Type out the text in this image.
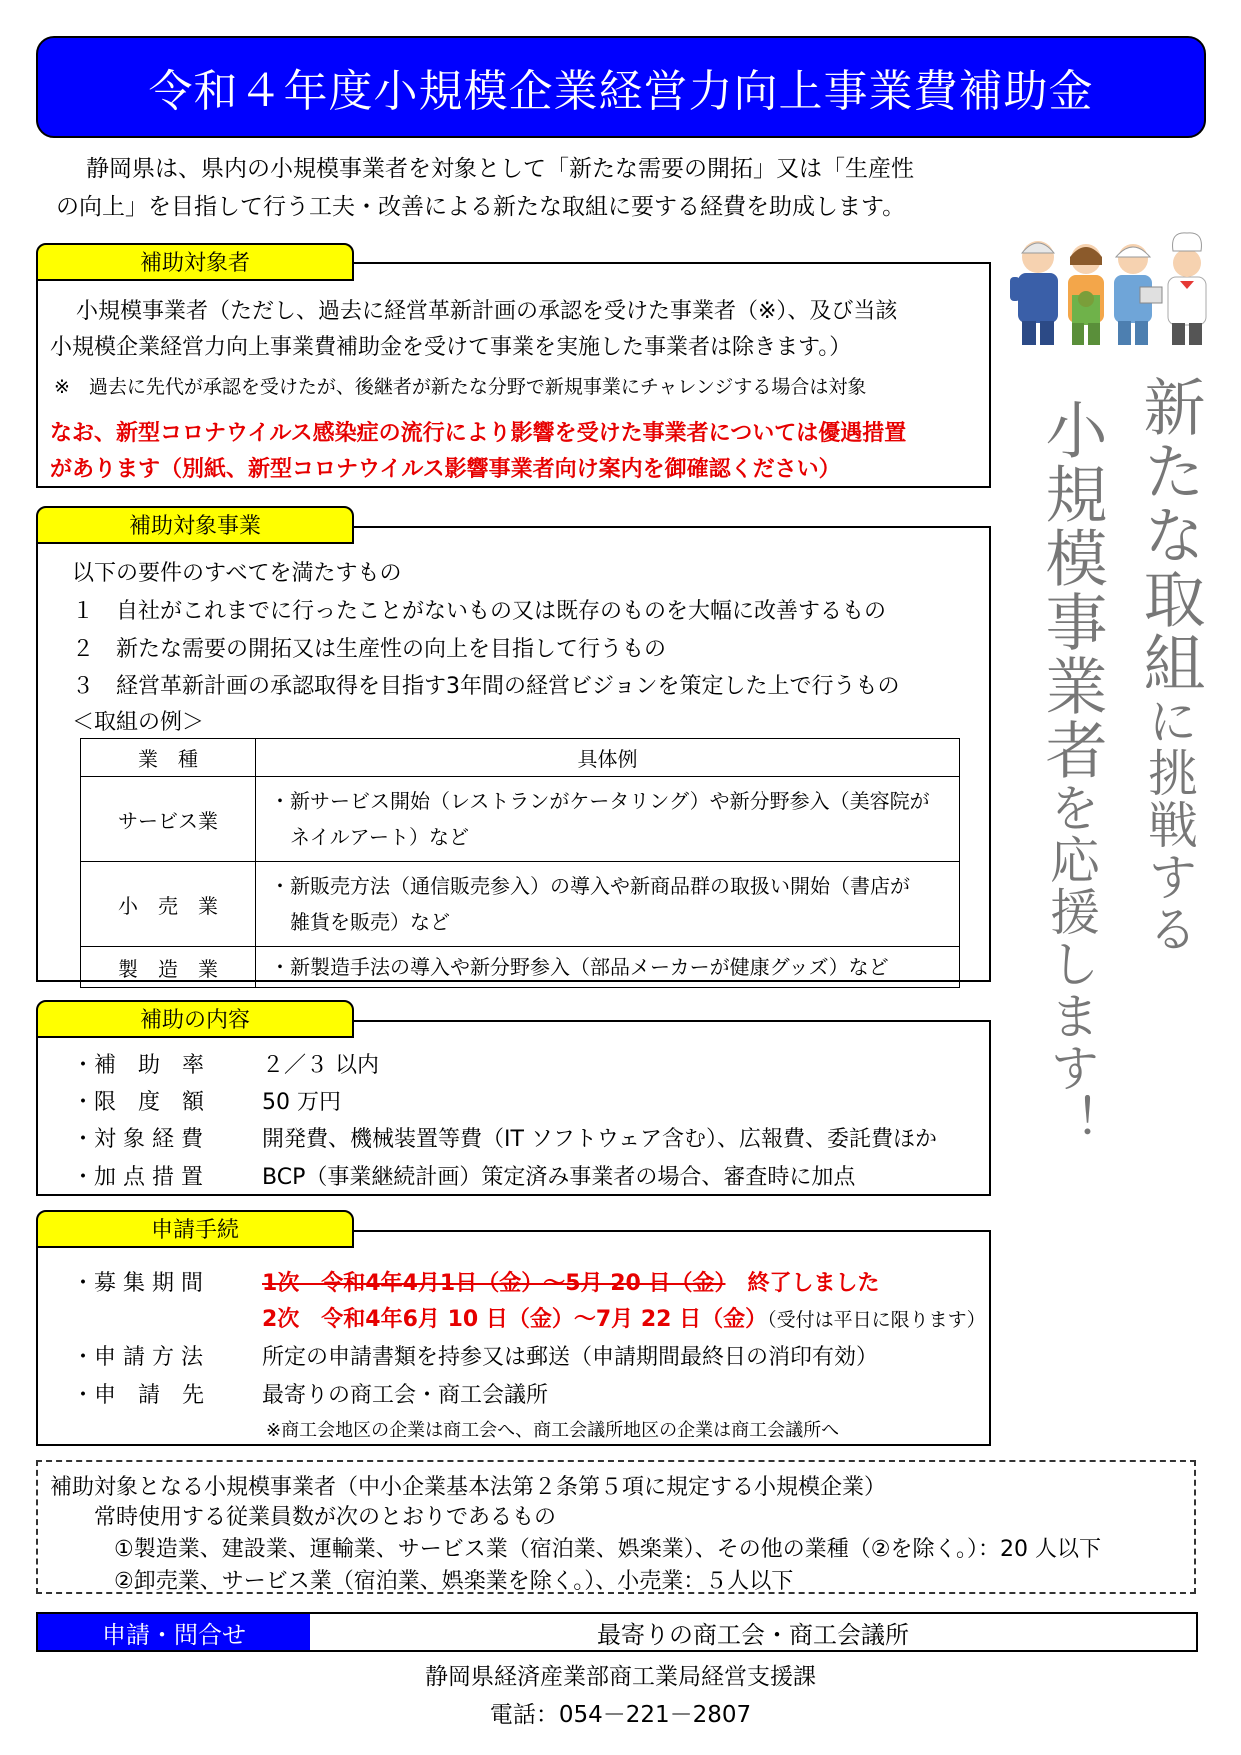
令和４年度小規模企業経営力向上事業費補助金

静岡県は、県内の小規模事業者を対象として「新たな需要の開拓」又は「生産性

の向上」を目指して行う工夫・改善による新たな取組に要する経費を助成します。

新たな取組に挑戦する
小規模事業者を応援します！
補助対象者
小規模事業者（ただし、過去に経営革新計画の承認を受けた事業者（※）、及び当該
小規模企業経営力向上事業費補助金を受けて事業を実施した事業者は除きます。）
※　過去に先代が承認を受けたが、後継者が新たな分野で新規事業にチャレンジする場合は対象
なお、新型コロナウイルス感染症の流行により影響を受けた事業者については優遇措置
があります（別紙、新型コロナウイルス影響事業者向け案内を御確認ください）
補助対象事業
以下の要件のすべてを満たすもの
１　自社がこれまでに行ったことがないもの又は既存のものを大幅に改善するもの
２　新たな需要の開拓又は生産性の向上を目指して行うもの
３　経営革新計画の承認取得を目指す3年間の経営ビジョンを策定した上で行うもの
＜取組の例＞
業　種	具体例
サービス業	・新サービス開始（レストランがケータリング）や新分野参入（美容院が
　ネイルアート）など

小　売　業	・新販売方法（通信販売参入）の導入や新商品群の取扱い開始（書店が
　雑貨を販売）など

製　造　業	・新製造手法の導入や新分野参入（部品メーカーが健康グッズ）など
補助の内容
・補　助　率	２／３ 以内
・限　度　額	50 万円
・対 象 経 費	開発費、機械装置等費（IT ソフトウェア含む）、広報費、委託費ほか
・加 点 措 置	BCP（事業継続計画）策定済み事業者の場合、審査時に加点
申請手続
・募 集 期 間	1次　令和4年4月1日（金）～5月 20 日（金）　 終了しました
2次　令和4年6月 10 日（金）～7月 22 日（金）（受付は平日に限ります）
・申 請 方 法	所定の申請書類を持参又は郵送（申請期間最終日の消印有効）
・申　請　先	最寄りの商工会・商工会議所
※商工会地区の企業は商工会へ、商工会議所地区の企業は商工会議所へ
補助対象となる小規模事業者（中小企業基本法第２条第５項に規定する小規模企業）
常時使用する従業員数が次のとおりであるもの
①製造業、建設業、運輸業、サービス業（宿泊業、娯楽業）、その他の業種（②を除く。）：20 人以下
②卸売業、サービス業（宿泊業、娯楽業を除く。）、小売業：５人以下
申請・問合せ	最寄りの商工会・商工会議所
静岡県経済産業部商工業局経営支援課
電話：054－221－2807
